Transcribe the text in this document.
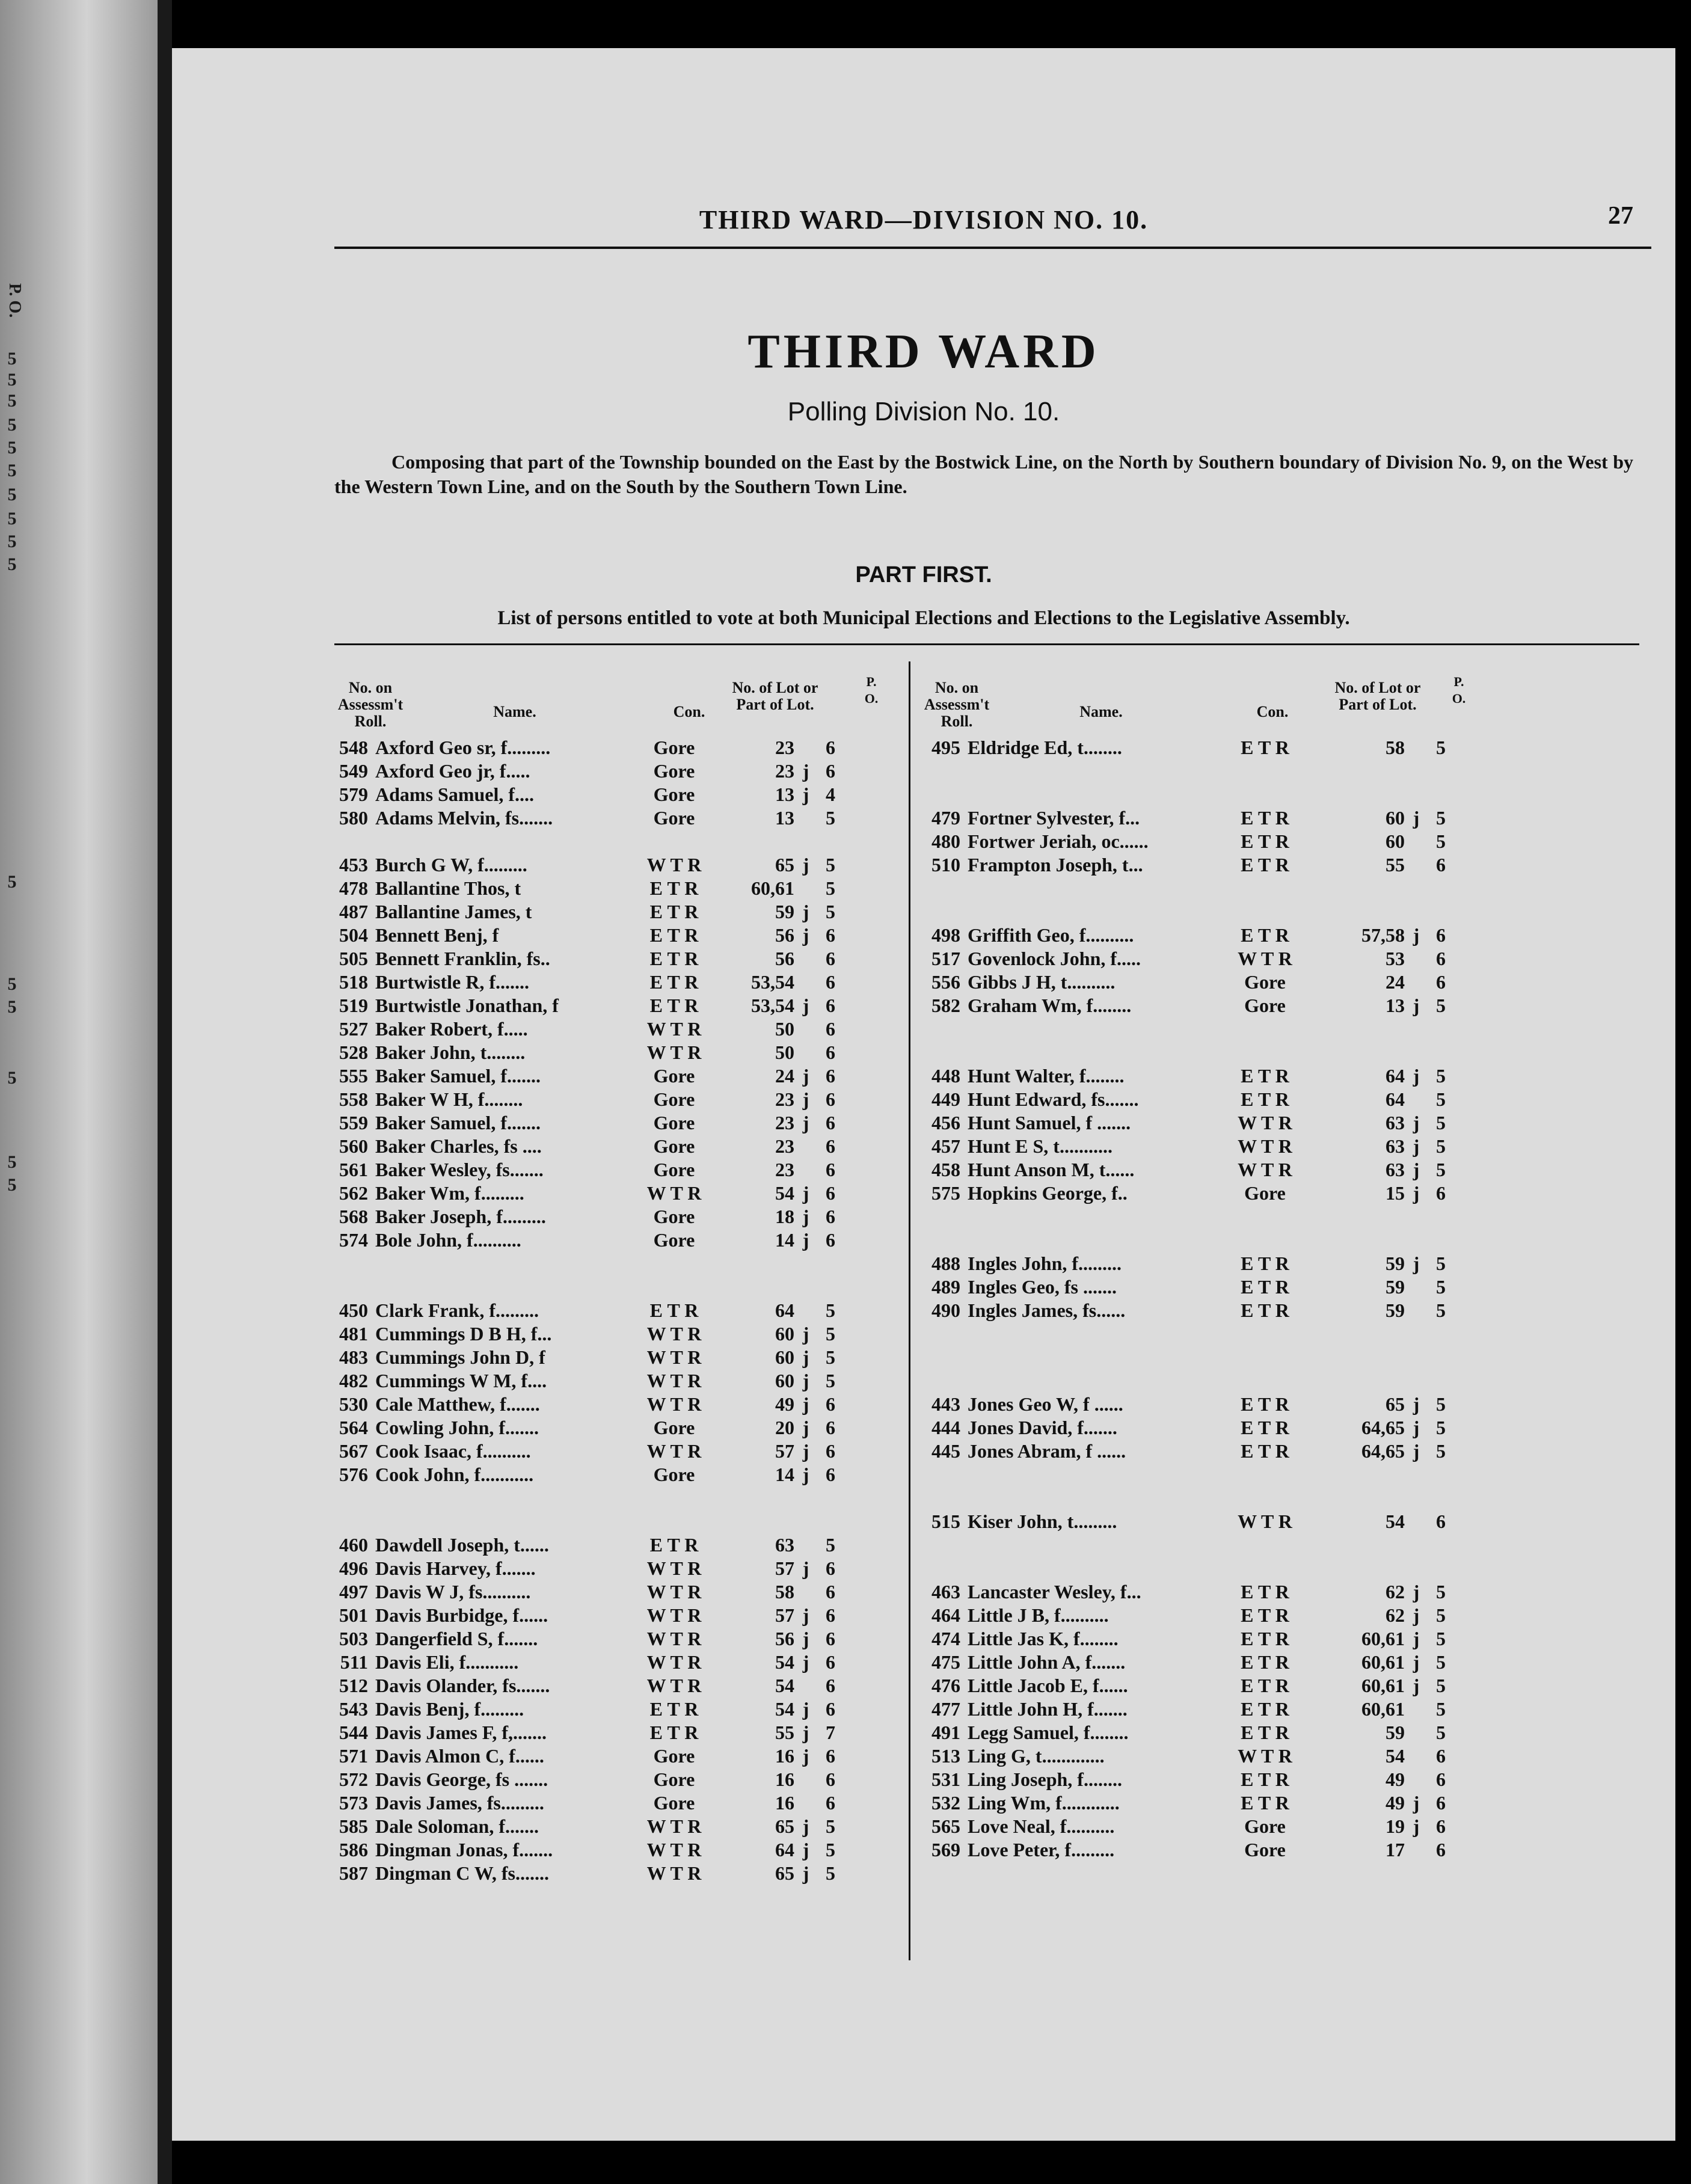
P. O.
5
5
5
5
5
5
5
5
5
5
5
5
5
5
5
5
THIRD WARD—DIVISION NO. 10.	27
THIRD WARD
Polling Division No. 10.
Composing that part of the Township bounded on the East by the Bostwick Line, on the North by Southern boundary of Division No. 9, on the West by the Western Town Line, and on the South by the Southern Town Line.
PART FIRST.
List of persons entitled to vote at both Municipal Elections and Elections to the Legislative Assembly.
No. on Assessm't Roll.
Name.	Con.
No. of Lot or Part of Lot.
P. O.
No. on Assessm't Roll.
Name.	Con.
No. of Lot or Part of Lot.
P. O.
548 Axford Geo sr, f.........	Gore	23 6
549 Axford Geo jr, f.....	Gore	23 j 6
579 Adams Samuel, f....	Gore	13 j 4
580 Adams Melvin, fs.......	Gore	13 5
453 Burch G W, f.........	W T R	65 j 5
478 Ballantine Thos, t	E T R	60,61 5
487 Ballantine James, t	E T R	59 j 5
504 Bennett Benj, f	E T R	56 j 6
505 Bennett Franklin, fs..	E T R	56 6
518 Burtwistle R, f.......	E T R	53,54 6
519 Burtwistle Jonathan, f	E T R	53,54 j 6
527 Baker Robert, f.....	W T R	50 6
528 Baker John, t........	W T R	50 6
555 Baker Samuel, f.......	Gore	24 j 6
558 Baker W H, f........	Gore	23 j 6
559 Baker Samuel, f.......	Gore	23 j 6
560 Baker Charles, fs ....	Gore	23 6
561 Baker Wesley, fs.......	Gore	23 6
562 Baker Wm, f.........	W T R	54 j 6
568 Baker Joseph, f.........	Gore	18 j 6
574 Bole John, f..........	Gore	14 j 6
450 Clark Frank, f.........	E T R	64 5
481 Cummings D B H, f...	W T R	60 j 5
483 Cummings John D, f	W T R	60 j 5
482 Cummings W M, f....	W T R	60 j 5
530 Cale Matthew, f.......	W T R	49 j 6
564 Cowling John, f.......	Gore	20 j 6
567 Cook Isaac, f..........	W T R	57 j 6
576 Cook John, f...........	Gore	14 j 6
460 Dawdell Joseph, t......	E T R	63 5
496 Davis Harvey, f.......	W T R	57 j 6
497 Davis W J, fs..........	W T R	58 6
501 Davis Burbidge, f......	W T R	57 j 6
503 Dangerfield S, f.......	W T R	56 j 6
511 Davis Eli, f...........	W T R	54 j 6
512 Davis Olander, fs.......	W T R	54 6
543 Davis Benj, f.........	E T R	54 j 6
544 Davis James F, f,.......	E T R	55 j 7
571 Davis Almon C, f......	Gore	16 j 6
572 Davis George, fs .......	Gore	16 6
573 Davis James, fs.........	Gore	16 6
585 Dale Soloman, f.......	W T R	65 j 5
586 Dingman Jonas, f.......	W T R	64 j 5
587 Dingman C W, fs.......	W T R	65 j 5
495 Eldridge Ed, t........	E T R	58 5
479 Fortner Sylvester, f...	E T R	60 j 5
480 Fortwer Jeriah, oc......	E T R	60 5
510 Frampton Joseph, t...	E T R	55 6
498 Griffith Geo, f..........	E T R	57,58 j 6
517 Govenlock John, f.....	W T R	53 6
556 Gibbs J H, t..........	Gore	24 6
582 Graham Wm, f........	Gore	13 j 5
448 Hunt Walter, f........	E T R	64 j 5
449 Hunt Edward, fs.......	E T R	64 5
456 Hunt Samuel, f .......	W T R	63 j 5
457 Hunt E S, t...........	W T R	63 j 5
458 Hunt Anson M, t......	W T R	63 j 5
575 Hopkins George, f..	Gore	15 j 6
488 Ingles John, f.........	E T R	59 j 5
489 Ingles Geo, fs .......	E T R	59 5
490 Ingles James, fs......	E T R	59 5
443 Jones Geo W, f ......	E T R	65 j 5
444 Jones David, f.......	E T R	64,65 j 5
445 Jones Abram, f ......	E T R	64,65 j 5
515 Kiser John, t.........	W T R	54 6
463 Lancaster Wesley, f...	E T R	62 j 5
464 Little J B, f..........	E T R	62 j 5
474 Little Jas K, f........	E T R	60,61 j 5
475 Little John A, f.......	E T R	60,61 j 5
476 Little Jacob E, f......	E T R	60,61 j 5
477 Little John H, f.......	E T R	60,61 5
491 Legg Samuel, f........	E T R	59 5
513 Ling G, t.............	W T R	54 6
531 Ling Joseph, f........	E T R	49 6
532 Ling Wm, f............	E T R	49 j 6
565 Love Neal, f..........	Gore	19 j 6
569 Love Peter, f.........	Gore	17 6
